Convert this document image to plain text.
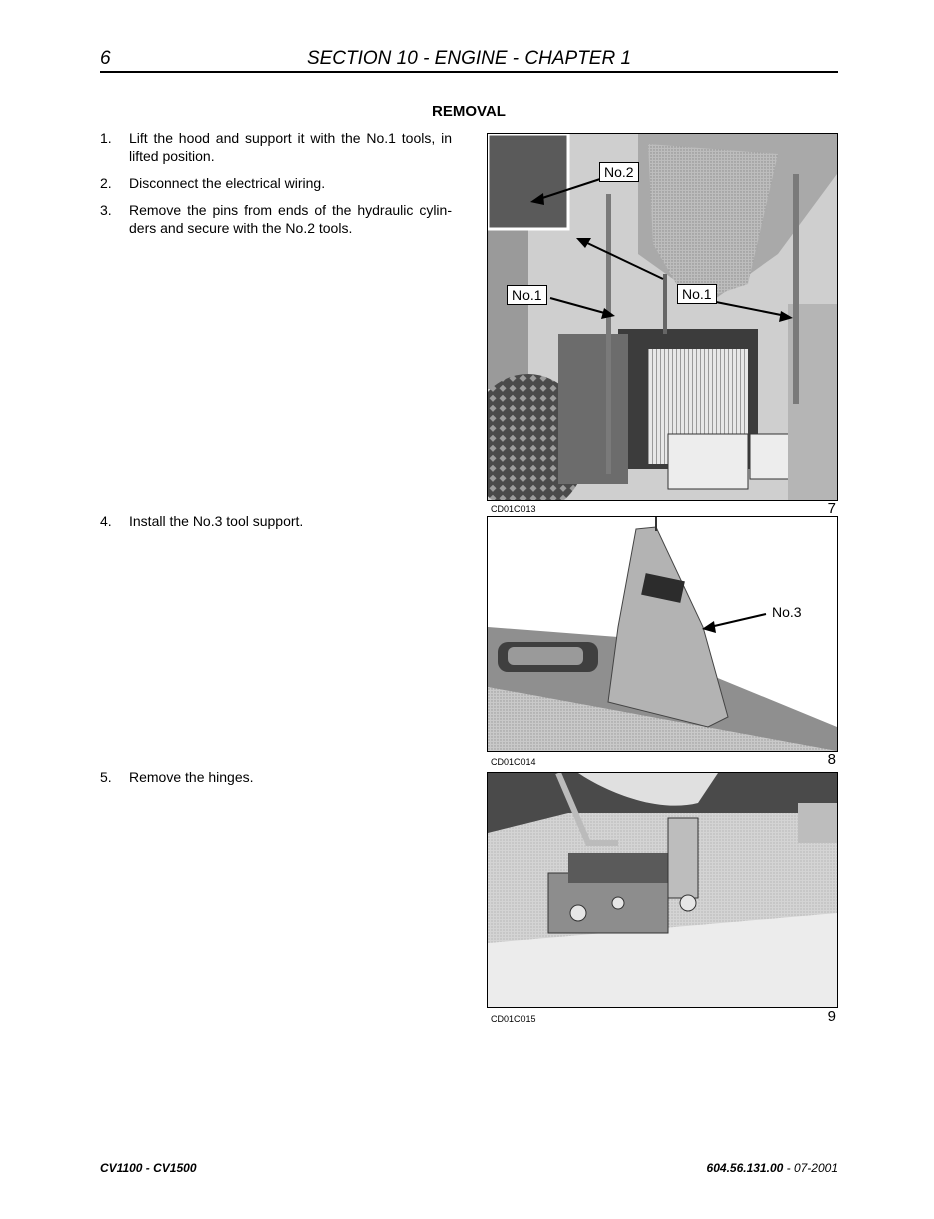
6	SECTION 10 - ENGINE - CHAPTER 1
REMOVAL
1. Lift the hood and support it with the No.1 tools, in lifted position.
2. Disconnect the electrical wiring.
3. Remove the pins from ends of the hydraulic cylin-ders and secure with the No.2 tools.
4. Install the No.3 tool support.
5. Remove the hinges.
No.2
No.1	No.1
CD01C013	7
No.3
CD01C014	8
CD01C015	9
CV1100 - CV1500	604.56.131.00 - 07-2001
